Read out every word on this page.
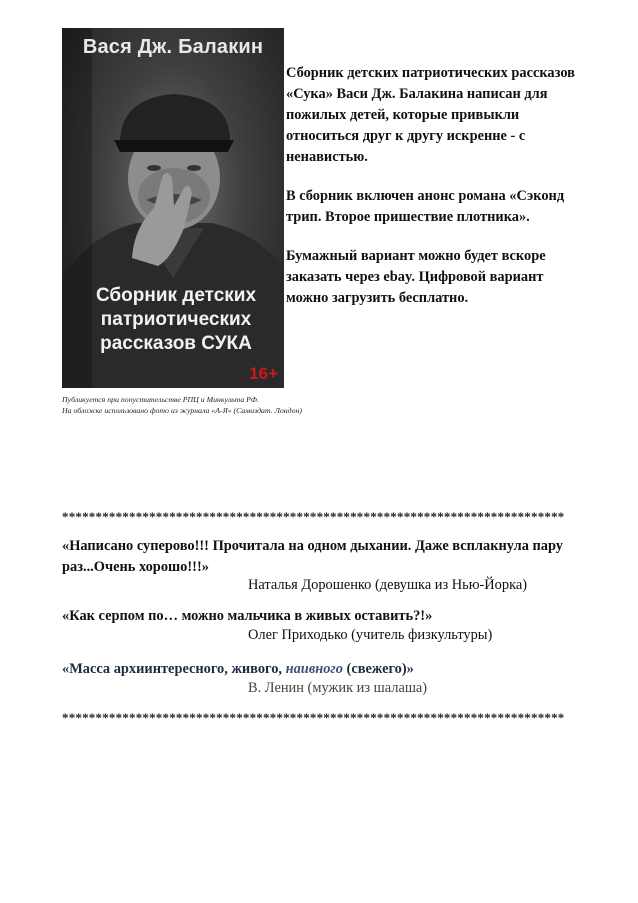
Вася Дж. Балакин
Сборник детских
патриотических
рассказов СУКА
16+
Публикуется при попустительстве РПЦ и Минкульта РФ.
На обложке использовано фото из журнала «А-Я» (Самиздат. Лондон)

Сборник детских патриотических рассказов «Сука» Васи Дж. Балакина написан для пожилых детей, которые привыкли относиться друг к другу искренне - с ненавистью.

В сборник включен анонс романа «Сэконд трип. Второе пришествие плотника».

Бумажный вариант можно будет вскоре заказать через ebay. Цифровой вариант можно загрузить бесплатно.

***************************************************************************
«Написано суперово!!! Прочитала на одном дыхании. Даже всплакнула пару раз...Очень хорошо!!!»
Наталья Дорошенко (девушка из Нью-Йорка)
«Как серпом по… можно мальчика в живых оставить?!»
Олег Приходько (учитель физкультуры)
«Масса архиинтересного, живого, наивного (свежего)»
В. Ленин (мужик из шалаша)
***************************************************************************
